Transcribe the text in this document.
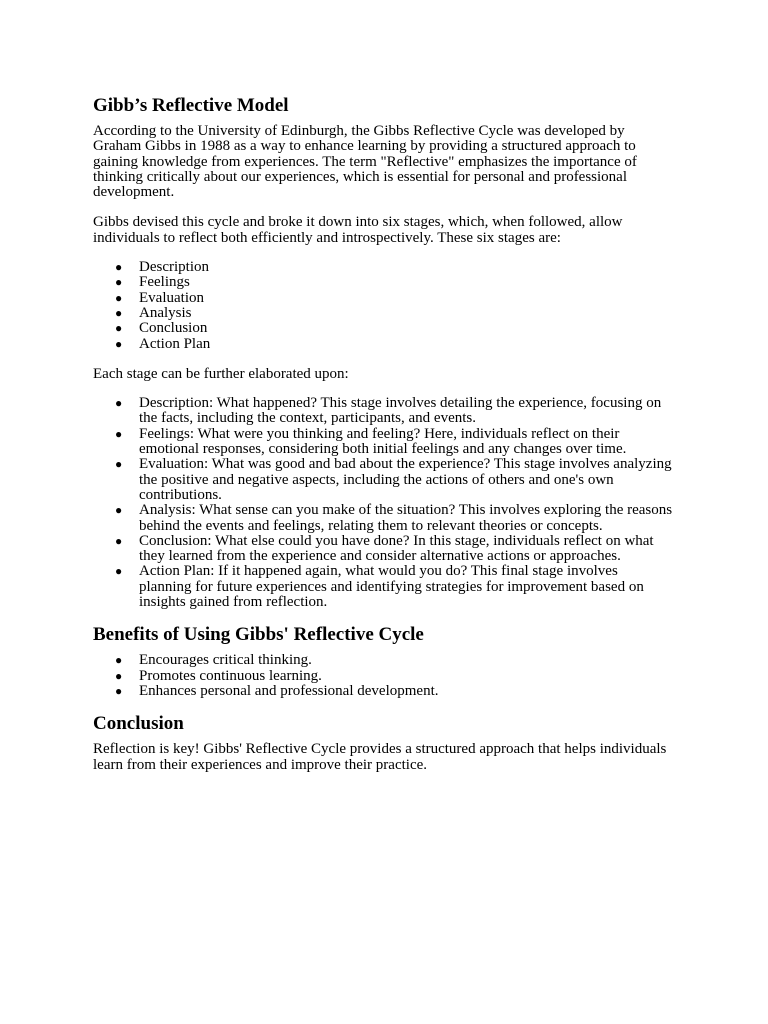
Gibb’s Reflective Model

According to the University of Edinburgh, the Gibbs Reflective Cycle was developed by Graham Gibbs in 1988 as a way to enhance learning by providing a structured approach to gaining knowledge from experiences. The term "Reflective" emphasizes the importance of thinking critically about our experiences, which is essential for personal and professional development.

Gibbs devised this cycle and broke it down into six stages, which, when followed, allow individuals to reflect both efficiently and introspectively. These six stages are:

● Description
● Feelings
● Evaluation
● Analysis
● Conclusion
● Action Plan

Each stage can be further elaborated upon:

● Description: What happened? This stage involves detailing the experience, focusing on the facts, including the context, participants, and events.
● Feelings: What were you thinking and feeling? Here, individuals reflect on their emotional responses, considering both initial feelings and any changes over time.
● Evaluation: What was good and bad about the experience? This stage involves analyzing the positive and negative aspects, including the actions of others and one's own contributions.
● Analysis: What sense can you make of the situation? This involves exploring the reasons behind the events and feelings, relating them to relevant theories or concepts.
● Conclusion: What else could you have done? In this stage, individuals reflect on what they learned from the experience and consider alternative actions or approaches.
● Action Plan: If it happened again, what would you do? This final stage involves planning for future experiences and identifying strategies for improvement based on insights gained from reflection.
Benefits of Using Gibbs' Reflective Cycle
● Encourages critical thinking.
● Promotes continuous learning.
● Enhances personal and professional development.
Conclusion

Reflection is key! Gibbs' Reflective Cycle provides a structured approach that helps individuals learn from their experiences and improve their practice.
